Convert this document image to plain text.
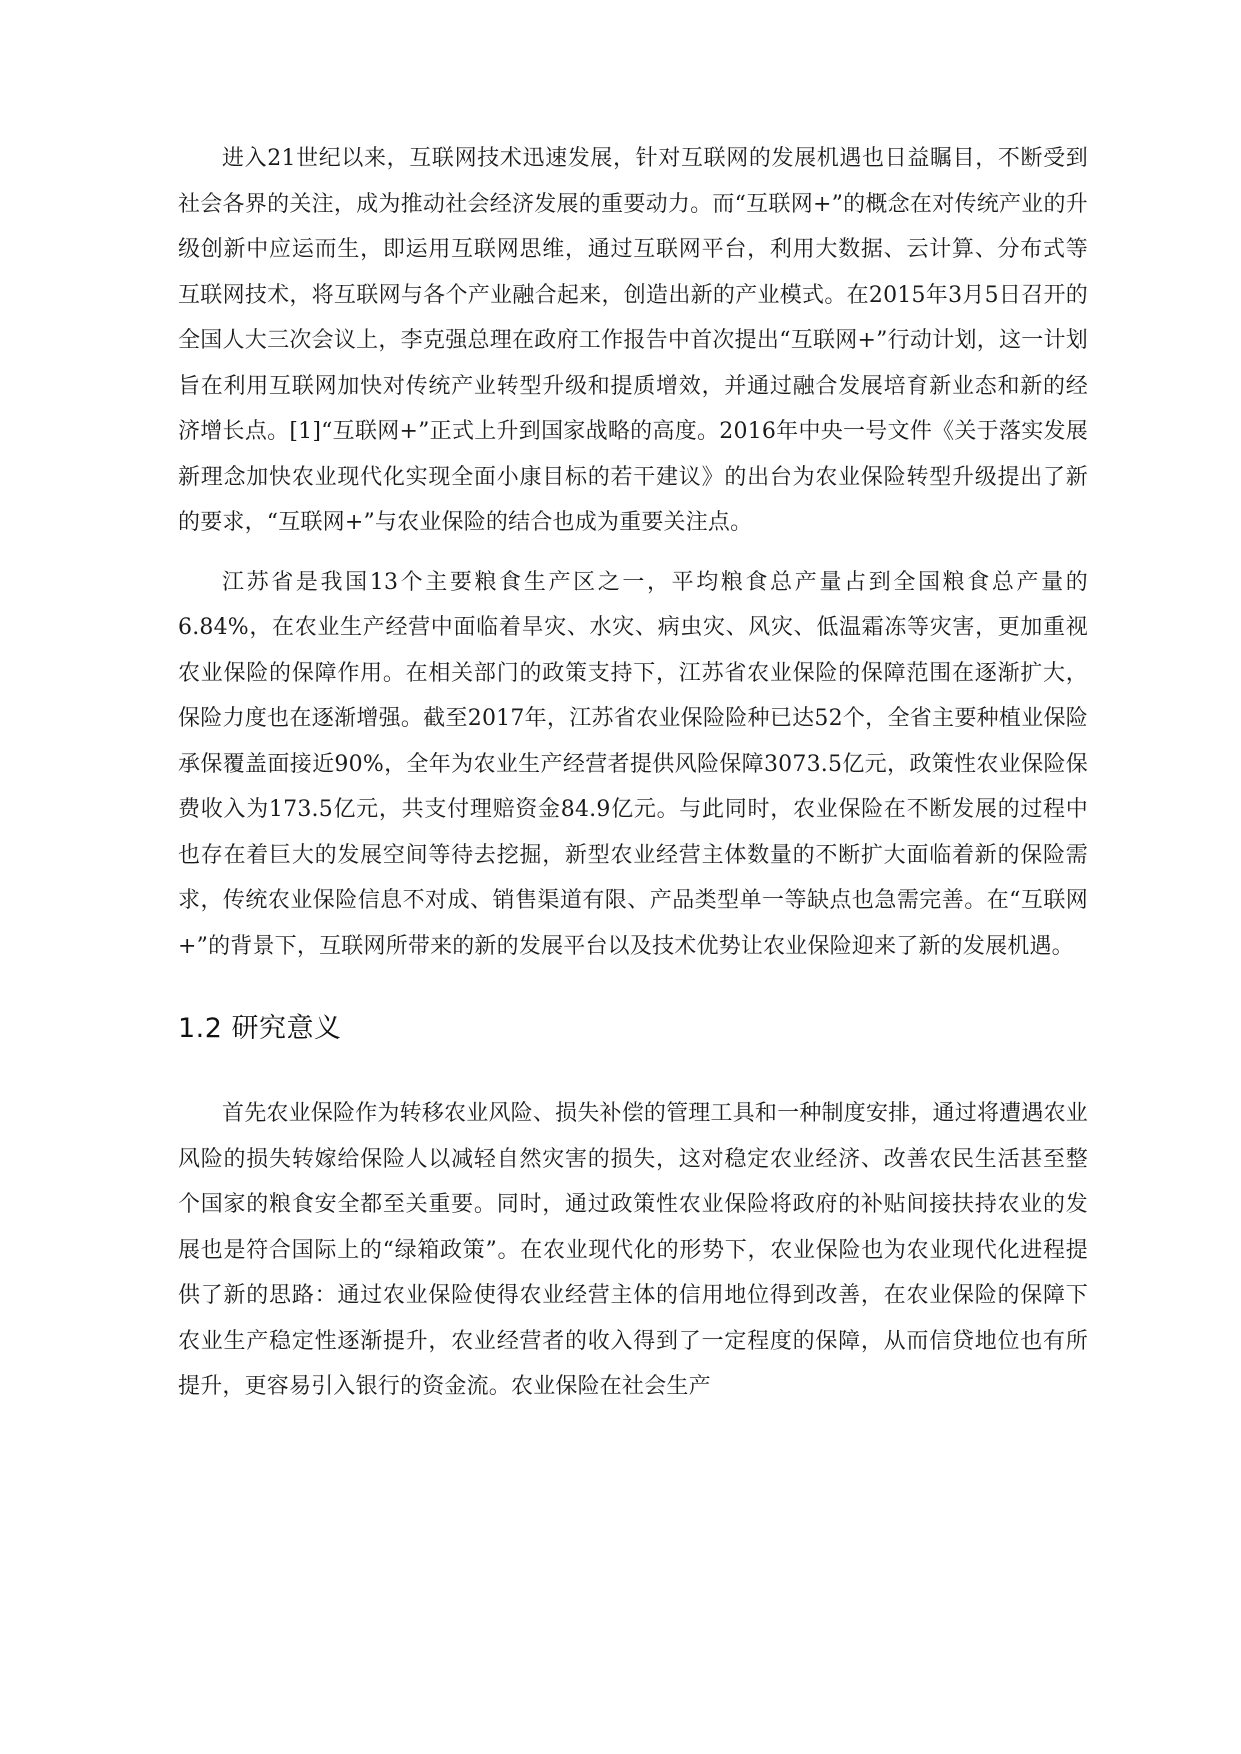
进入21世纪以来，互联网技术迅速发展，针对互联网的发展机遇也日益瞩目，不断受到社会各界的关注，成为推动社会经济发展的重要动力。而“互联网+”的概念在对传统产业的升级创新中应运而生，即运用互联网思维，通过互联网平台，利用大数据、云计算、分布式等互联网技术，将互联网与各个产业融合起来，创造出新的产业模式。在2015年3月5日召开的全国人大三次会议上，李克强总理在政府工作报告中首次提出“互联网+”行动计划，这一计划旨在利用互联网加快对传统产业转型升级和提质增效，并通过融合发展培育新业态和新的经济增长点。[1]“互联网+”正式上升到国家战略的高度。2016年中央一号文件《关于落实发展新理念加快农业现代化实现全面小康目标的若干建议》的出台为农业保险转型升级提出了新的要求，“互联网+”与农业保险的结合也成为重要关注点。

江苏省是我国13个主要粮食生产区之一，平均粮食总产量占到全国粮食总产量的6.84%，在农业生产经营中面临着旱灾、水灾、病虫灾、风灾、低温霜冻等灾害，更加重视农业保险的保障作用。在相关部门的政策支持下，江苏省农业保险的保障范围在逐渐扩大，保险力度也在逐渐增强。截至2017年，江苏省农业保险险种已达52个，全省主要种植业保险承保覆盖面接近90%，全年为农业生产经营者提供风险保障3073.5亿元，政策性农业保险保费收入为173.5亿元，共支付理赔资金84.9亿元。与此同时，农业保险在不断发展的过程中也存在着巨大的发展空间等待去挖掘，新型农业经营主体数量的不断扩大面临着新的保险需求，传统农业保险信息不对成、销售渠道有限、产品类型单一等缺点也急需完善。在“互联网+”的背景下，互联网所带来的新的发展平台以及技术优势让农业保险迎来了新的发展机遇。

1.2 研究意义

首先农业保险作为转移农业风险、损失补偿的管理工具和一种制度安排，通过将遭遇农业风险的损失转嫁给保险人以减轻自然灾害的损失，这对稳定农业经济、改善农民生活甚至整个国家的粮食安全都至关重要。同时，通过政策性农业保险将政府的补贴间接扶持农业的发展也是符合国际上的“绿箱政策”。在农业现代化的形势下，农业保险也为农业现代化进程提供了新的思路：通过农业保险使得农业经营主体的信用地位得到改善，在农业保险的保障下农业生产稳定性逐渐提升，农业经营者的收入得到了一定程度的保障，从而信贷地位也有所提升，更容易引入银行的资金流。农业保险在社会生产
